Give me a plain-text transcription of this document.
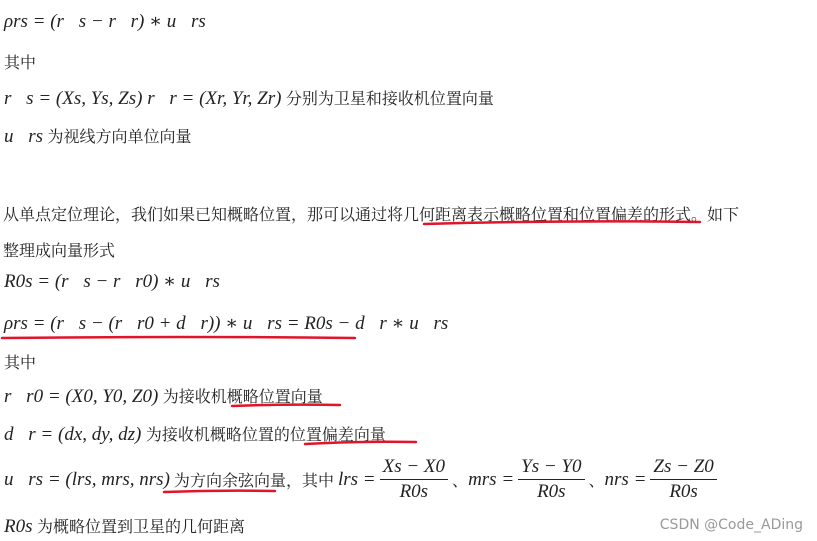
ρrs = (r⃗s − r⃗r) ∗ u⃗rs
其中
r⃗s = (Xs, Ys, Zs) r⃗r = (Xr, Yr, Zr) 分别为卫星和接收机位置向量
u⃗rs 为视线方向单位向量
从单点定位理论，我们如果已知概略位置，那可以通过将几何距离表示概略位置和位置偏差的形式。如下
整理成向量形式
R0s = (r⃗s − r⃗r0) ∗ u⃗rs
ρrs = (r⃗s − (r⃗r0 + d⃗r)) ∗ u⃗rs = R0s − d⃗r ∗ u⃗rs
其中
r⃗r0 = (X0, Y0, Z0) 为接收机概略位置向量
d⃗r = (dx, dy, dz) 为接收机概略位置的位置偏差向量
u⃗rs = (lrs, mrs, nrs) 为 方向余弦向量 ，其中 lrs = $\frac{Xs - X0}{R0s}$ 、 mrs = $\frac{Ys - Y0}{R0s}$ 、 nrs = $\frac{Zs - Z0}{R0s}$
R0s 为概略位置到卫星的几何距离	CSDN @Code_ADing
